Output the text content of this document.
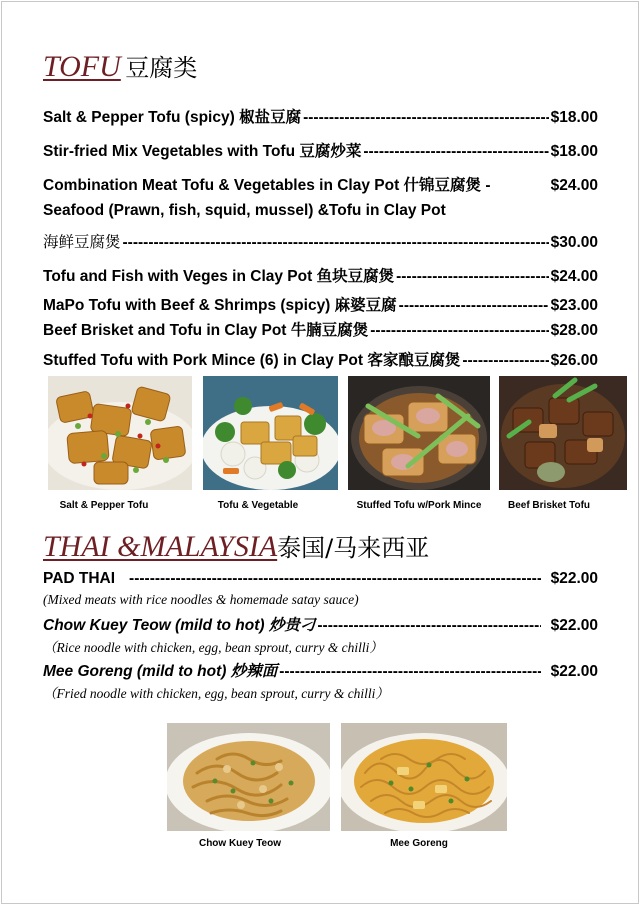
TOFU 豆腐类
Salt & Pepper Tofu (spicy) 椒盐豆腐 -----	$18.00
Stir-fried Mix Vegetables with Tofu 豆腐炒菜 -----	$18.00
Combination Meat Tofu & Vegetables in Clay Pot 什锦豆腐煲 -	$24.00
Seafood (Prawn, fish, squid, mussel) &Tofu in Clay Pot
海鲜豆腐煲 -----	$30.00
Tofu and Fish with Veges in Clay Pot 鱼块豆腐煲 -----	$24.00
MaPo Tofu with Beef & Shrimps (spicy) 麻婆豆腐 -----	$23.00
Beef Brisket and Tofu in Clay Pot 牛腩豆腐煲 -----	$28.00
Stuffed Tofu with Pork Mince (6) in Clay Pot 客家酿豆腐煲 -----	$26.00
Salt & Pepper Tofu	Tofu & Vegetable	Stuffed Tofu w/Pork Mince	Beef Brisket Tofu
THAI &MALAYSIA泰国/马来西亚
PAD THAI -----	$22.00
(Mixed meats with rice noodles & homemade satay sauce)
Chow Kuey Teow (mild to hot) 炒贵刁 -----	$22.00
（Rice noodle with chicken, egg, bean sprout, curry & chilli）
Mee Goreng (mild to hot) 炒辣面 -----	$22.00
（Fried noodle with chicken, egg, bean sprout, curry & chilli）
Chow Kuey Teow	Mee Goreng
